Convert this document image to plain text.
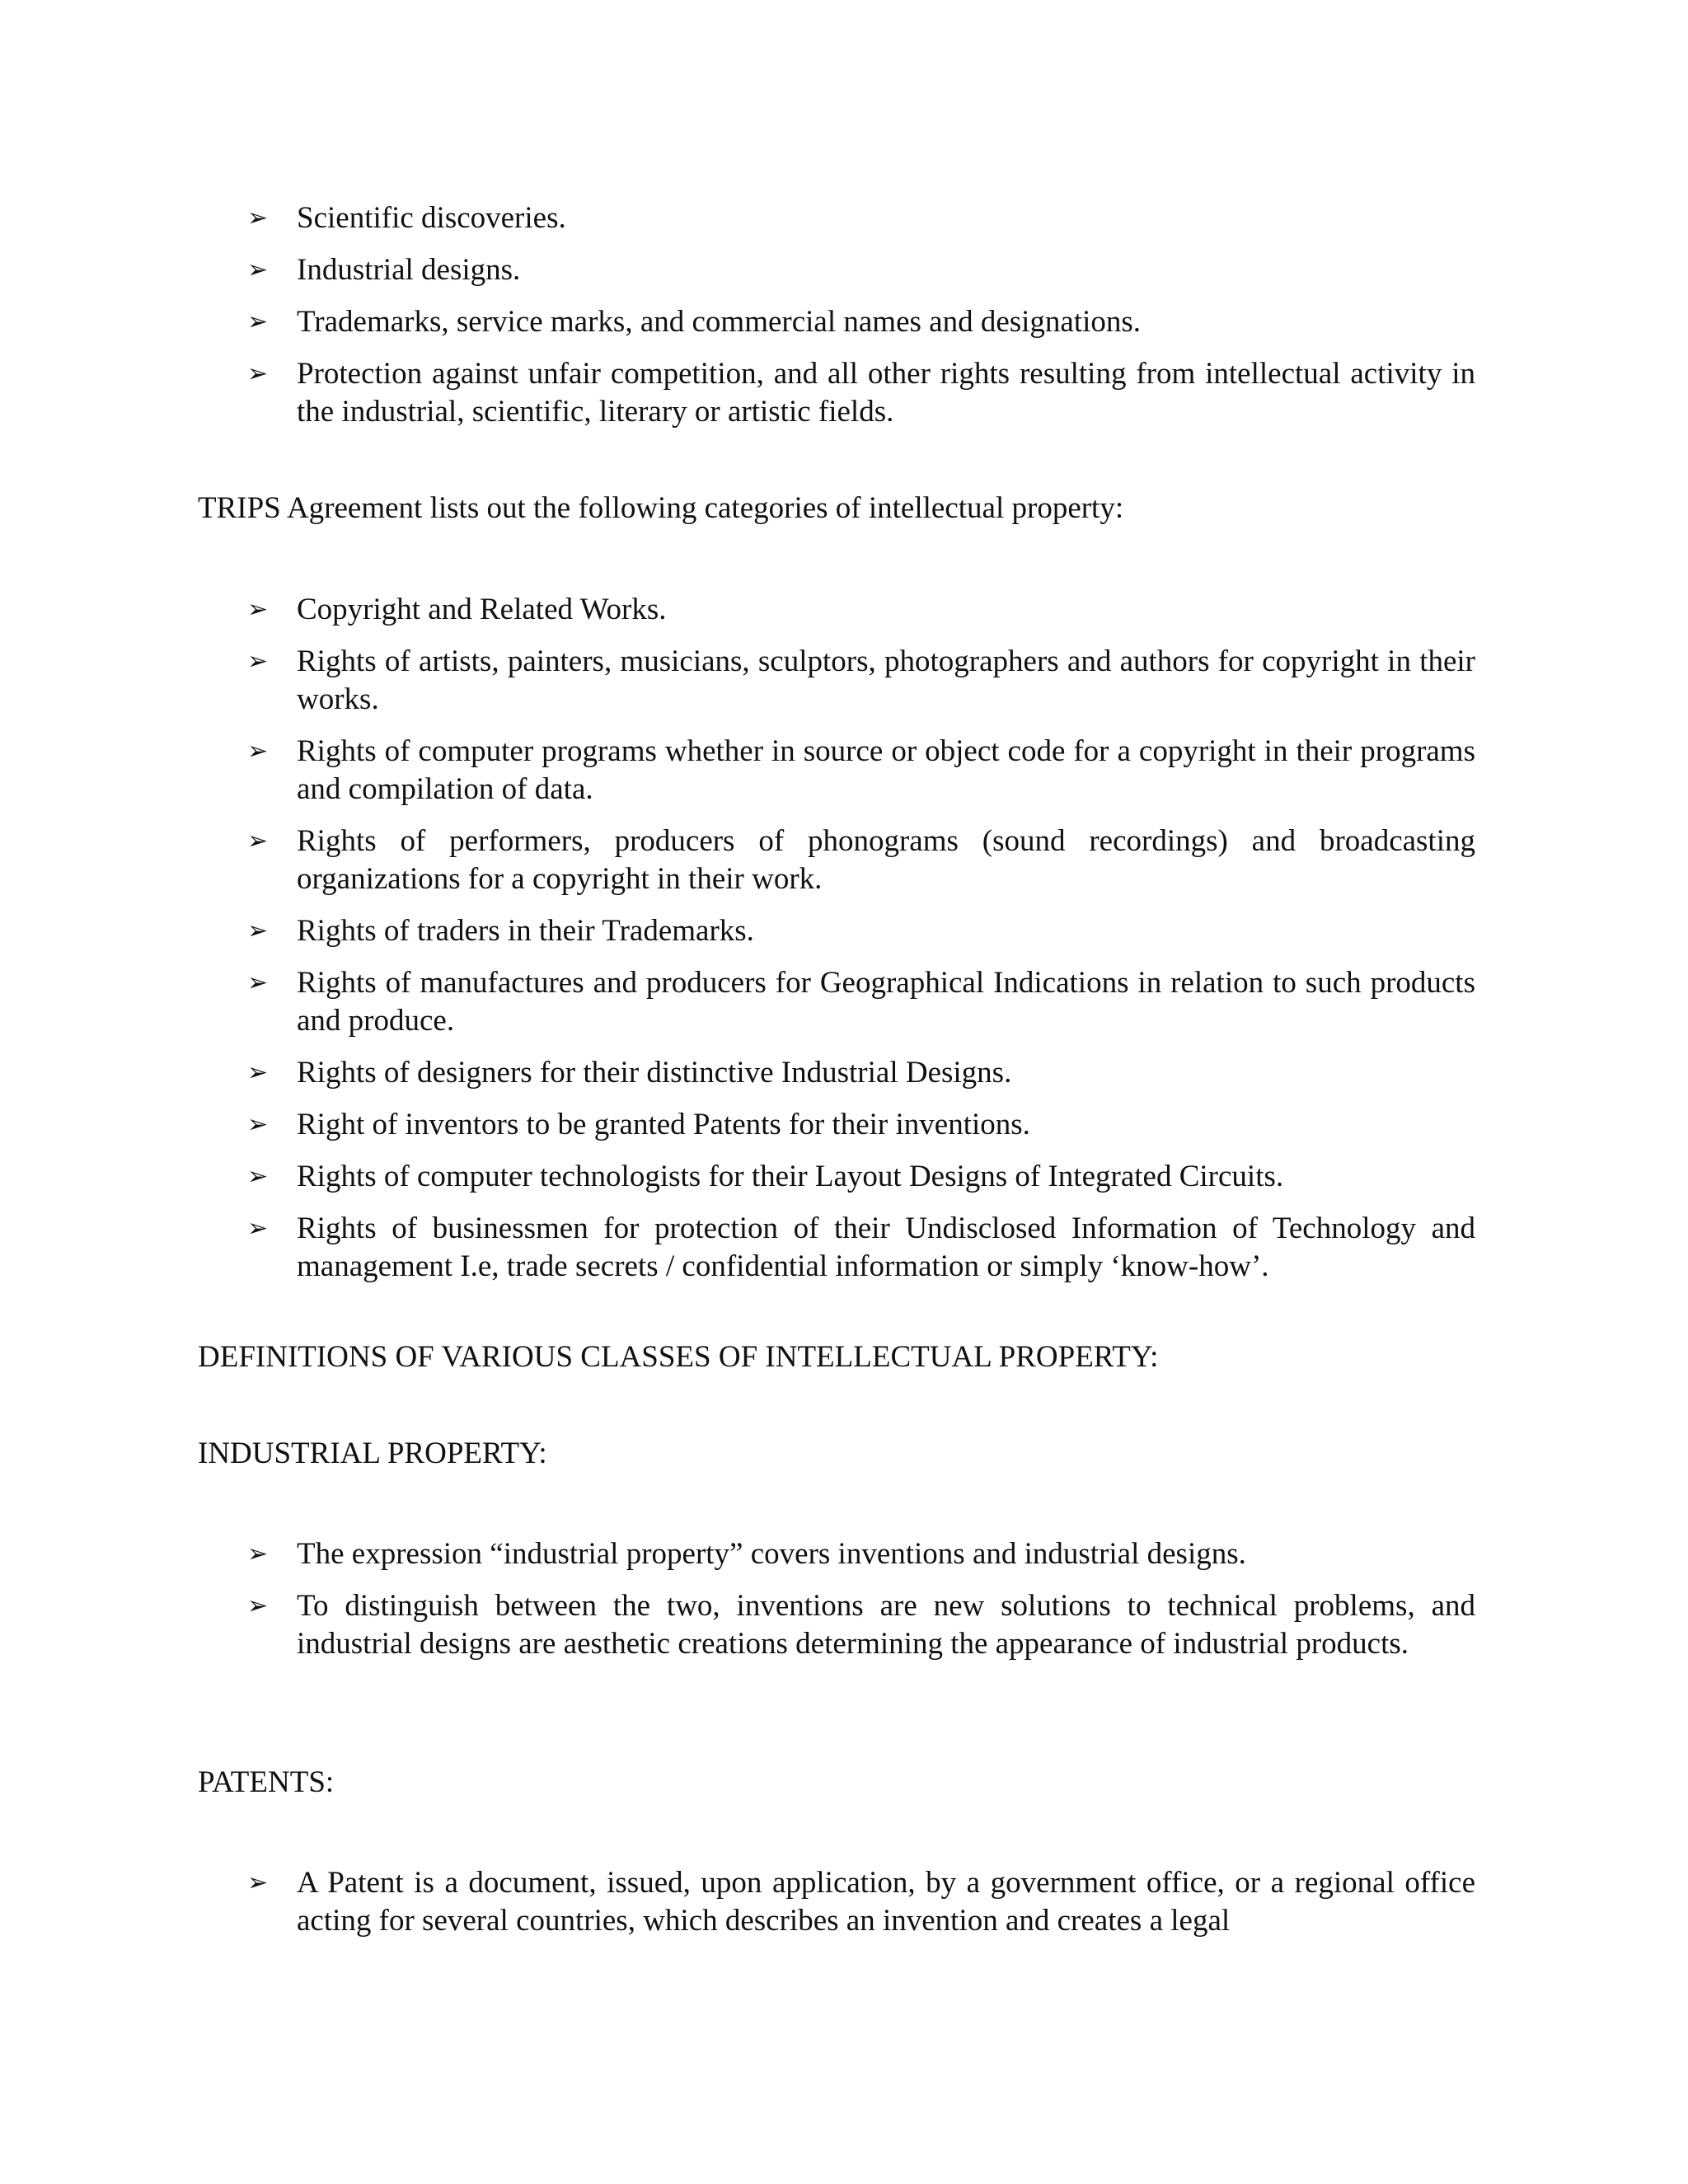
➢ Scientific discoveries.
➢ Industrial designs.
➢ Trademarks, service marks, and commercial names and designations.
➢ Protection against unfair competition, and all other rights resulting from intellectual activity in the industrial, scientific, literary or artistic fields.

TRIPS Agreement lists out the following categories of intellectual property:

➢ Copyright and Related Works.
➢ Rights of artists, painters, musicians, sculptors, photographers and authors for copyright in their works.
➢ Rights of computer programs whether in source or object code for a copyright in their programs and compilation of data.
➢ Rights of performers, producers of phonograms (sound recordings) and broadcasting organizations for a copyright in their work.
➢ Rights of traders in their Trademarks.
➢ Rights of manufactures and producers for Geographical Indications in relation to such products and produce.
➢ Rights of designers for their distinctive Industrial Designs.
➢ Right of inventors to be granted Patents for their inventions.
➢ Rights of computer technologists for their Layout Designs of Integrated Circuits.
➢ Rights of businessmen for protection of their Undisclosed Information of Technology and management I.e, trade secrets / confidential information or simply ‘know-how’.

DEFINITIONS OF VARIOUS CLASSES OF INTELLECTUAL PROPERTY:

INDUSTRIAL PROPERTY:

➢ The expression “industrial property” covers inventions and industrial designs.
➢ To distinguish between the two, inventions are new solutions to technical problems, and industrial designs are aesthetic creations determining the appearance of industrial products.

PATENTS:

➢ A Patent is a document, issued, upon application, by a government office, or a regional office acting for several countries, which describes an invention and creates a legal
